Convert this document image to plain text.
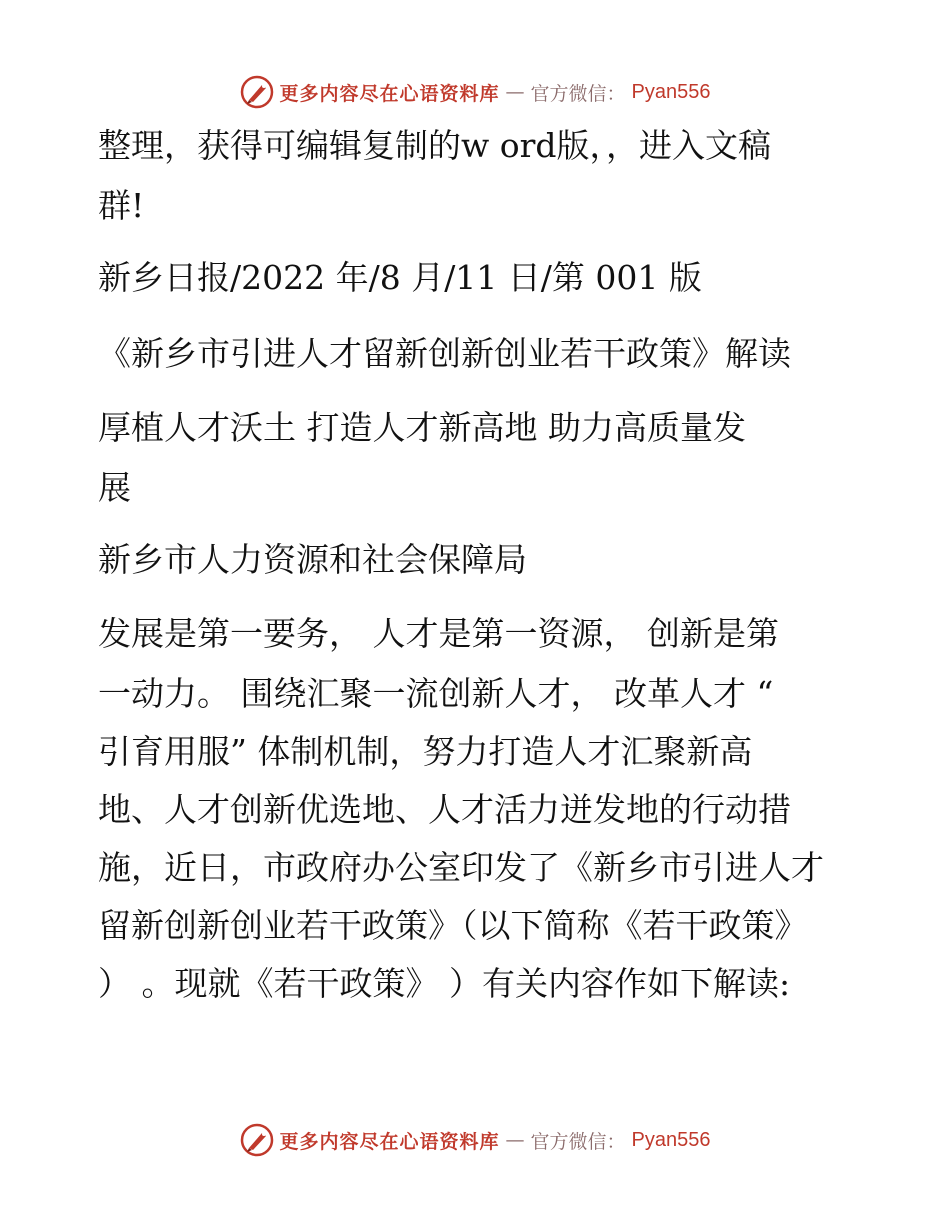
更多内容尽在心语资料库 — 官方微信： Pyan556
整理，获得可编辑复制的w ord版，，进入文稿
群!
新乡日报/2022 年/8 月/11 日/第 001 版
《新乡市引进人才留新创新创业若干政策》解读
厚植人才沃土 打造人才新高地 助力高质量发
展
新乡市人力资源和社会保障局
发展是第一要务， 人才是第一资源， 创新是第
一动力。 围绕汇聚一流创新人才， 改革人才 “
引育用服” 体制机制，努力打造人才汇聚新高
地、人才创新优选地、人才活力迸发地的行动措
施，近日，市政府办公室印发了《新乡市引进人才
留新创新创业若干政策》（以下简称《若干政策》
） 。现就《若干政策》 ）有关内容作如下解读:
更多内容尽在心语资料库 — 官方微信： Pyan556
